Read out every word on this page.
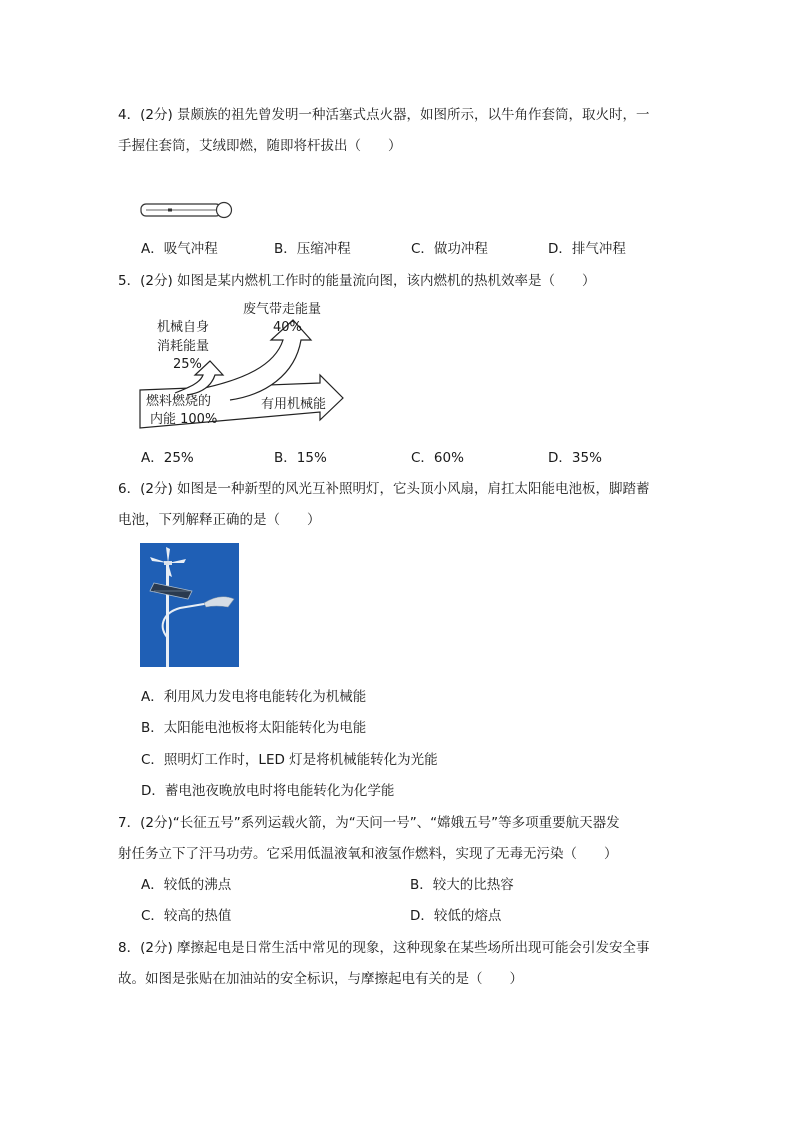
4．(2分) 景颇族的祖先曾发明一种活塞式点火器，如图所示，以牛角作套筒，取火时，一
手握住套筒，艾绒即燃，随即将杆拔出（　　）
A．吸气冲程	B．压缩冲程	C．做功冲程	D．排气冲程
5．(2分) 如图是某内燃机工作时的能量流向图，该内燃机的热机效率是（　　）
废气带走能量
40%
机械自身
消耗能量
25%
燃料燃烧的
内能 100%
有用机械能
A．25%	B．15%	C．60%	D．35%
6．(2分) 如图是一种新型的风光互补照明灯，它头顶小风扇，肩扛太阳能电池板，脚踏蓄
电池，下列解释正确的是（　　）
A．利用风力发电将电能转化为机械能
B．太阳能电池板将太阳能转化为电能
C．照明灯工作时，LED 灯是将机械能转化为光能
D．蓄电池夜晚放电时将电能转化为化学能
7．(2分)“长征五号”系列运载火箭，为“天问一号”、“嫦娥五号”等多项重要航天器发
射任务立下了汗马功劳。它采用低温液氧和液氢作燃料，实现了无毒无污染（　　）
A．较低的沸点	B．较大的比热容
C．较高的热值	D．较低的熔点
8．(2分) 摩擦起电是日常生活中常见的现象，这种现象在某些场所出现可能会引发安全事
故。如图是张贴在加油站的安全标识，与摩擦起电有关的是（　　）
